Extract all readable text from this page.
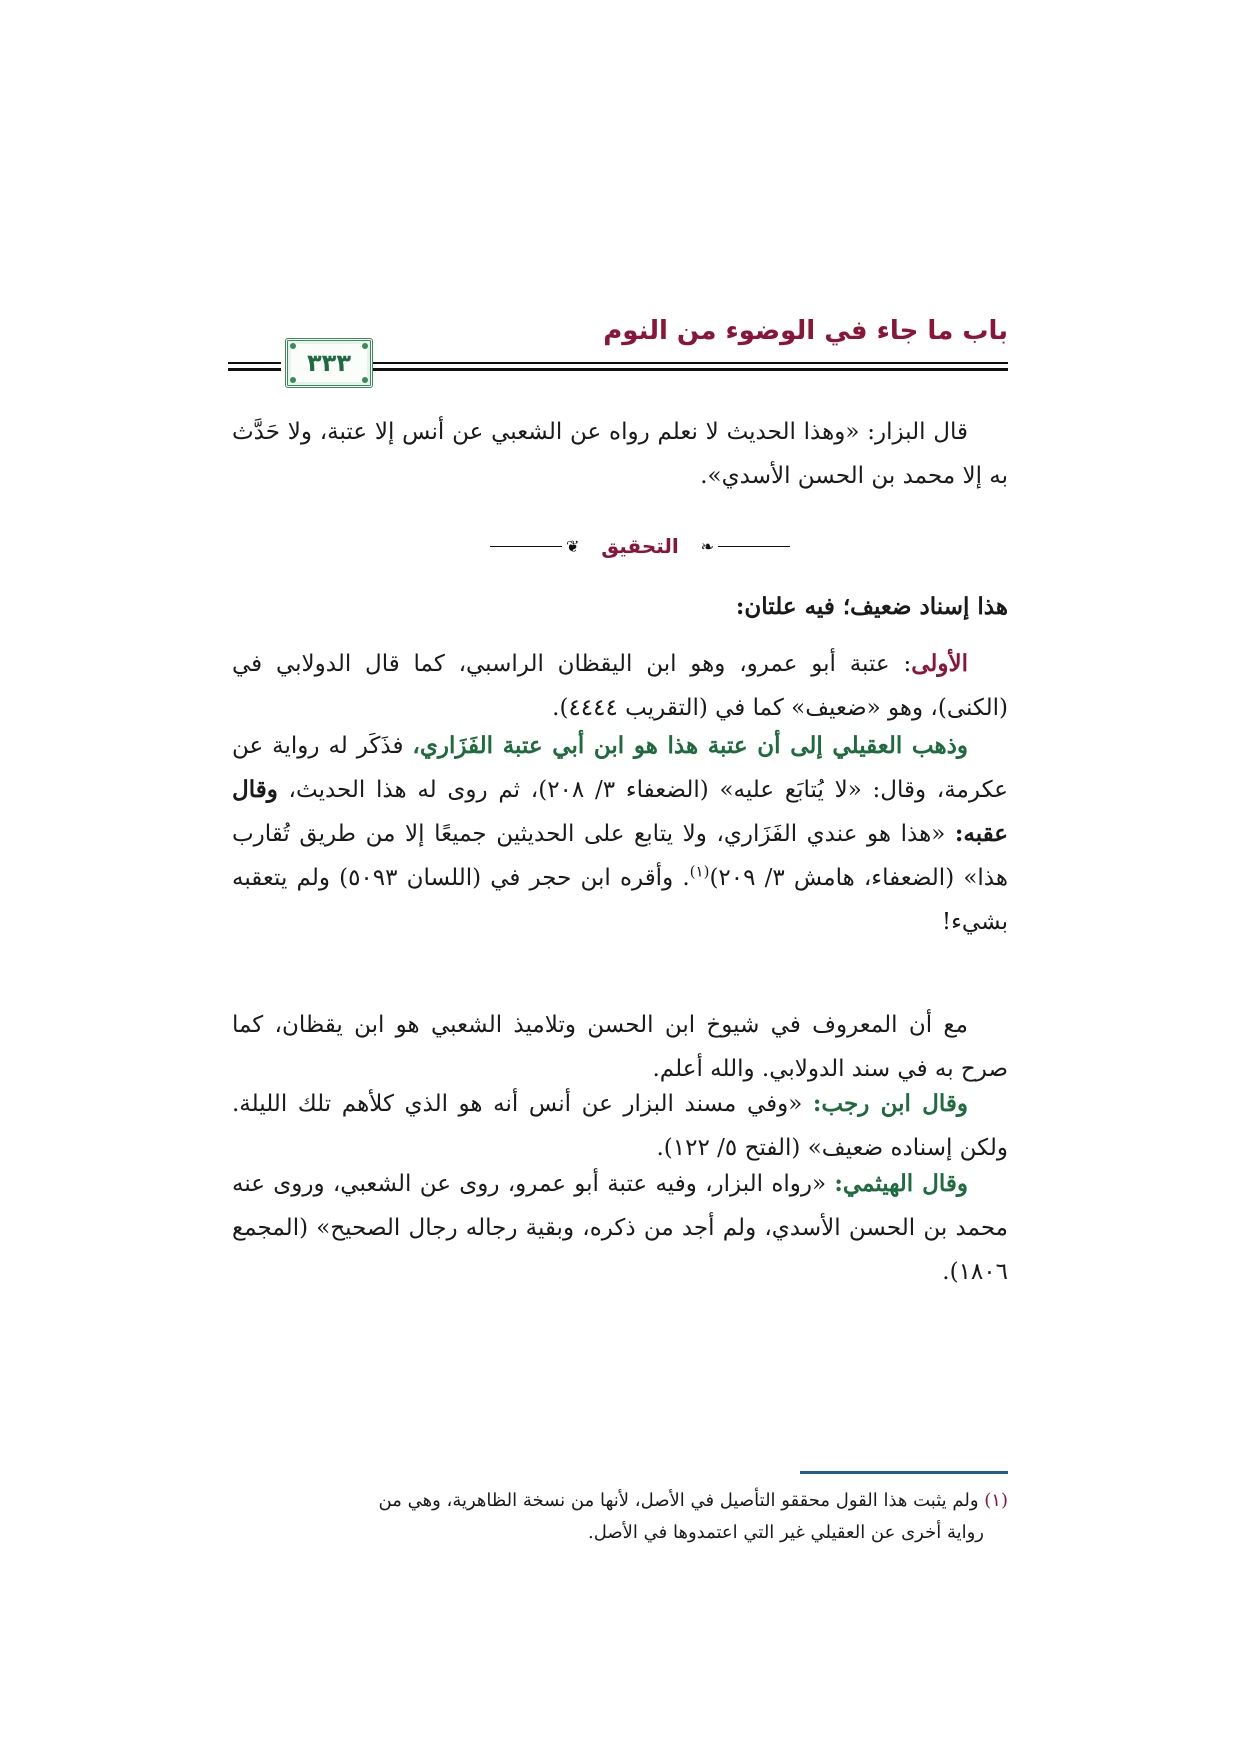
باب ما جاء في الوضوء من النوم
٣٣٣
قال البزار: «وهذا الحديث لا نعلم رواه عن الشعبي عن أنس إلا عتبة، ولا حَدَّث به إلا محمد بن الحسن الأسدي».
❦	التحقيق	❧
هذا إسناد ضعيف؛ فيه علتان:
الأولى: عتبة أبو عمرو، وهو ابن اليقظان الراسبي، كما قال الدولابي في (الكنى)، وهو «ضعيف» كما في (التقريب ٤٤٤٤).
وذهب العقيلي إلى أن عتبة هذا هو ابن أبي عتبة الفَزَاري، فذَكَر له رواية عن عكرمة، وقال: «لا يُتابَع عليه» (الضعفاء ٣/ ٢٠٨)، ثم روى له هذا الحديث، وقال عقبه: «هذا هو عندي الفَزَاري، ولا يتابع على الحديثين جميعًا إلا من طريق تُقارب هذا» (الضعفاء، هامش ٣/ ٢٠٩)$^{(١)}$. وأقره ابن حجر في (اللسان ٥٠٩٣) ولم يتعقبه بشيء!
مع أن المعروف في شيوخ ابن الحسن وتلاميذ الشعبي هو ابن يقظان، كما صرح به في سند الدولابي. والله أعلم.
وقال ابن رجب: «وفي مسند البزار عن أنس أنه هو الذي كلأهم تلك الليلة. ولكن إسناده ضعيف» (الفتح ٥/ ١٢٢).
وقال الهيثمي: «رواه البزار، وفيه عتبة أبو عمرو، روى عن الشعبي، وروى عنه محمد بن الحسن الأسدي، ولم أجد من ذكره، وبقية رجاله رجال الصحيح» (المجمع ١٨٠٦).
(١) ولم يثبت هذا القول محققو التأصيل في الأصل، لأنها من نسخة الظاهرية، وهي من
رواية أخرى عن العقيلي غير التي اعتمدوها في الأصل.
